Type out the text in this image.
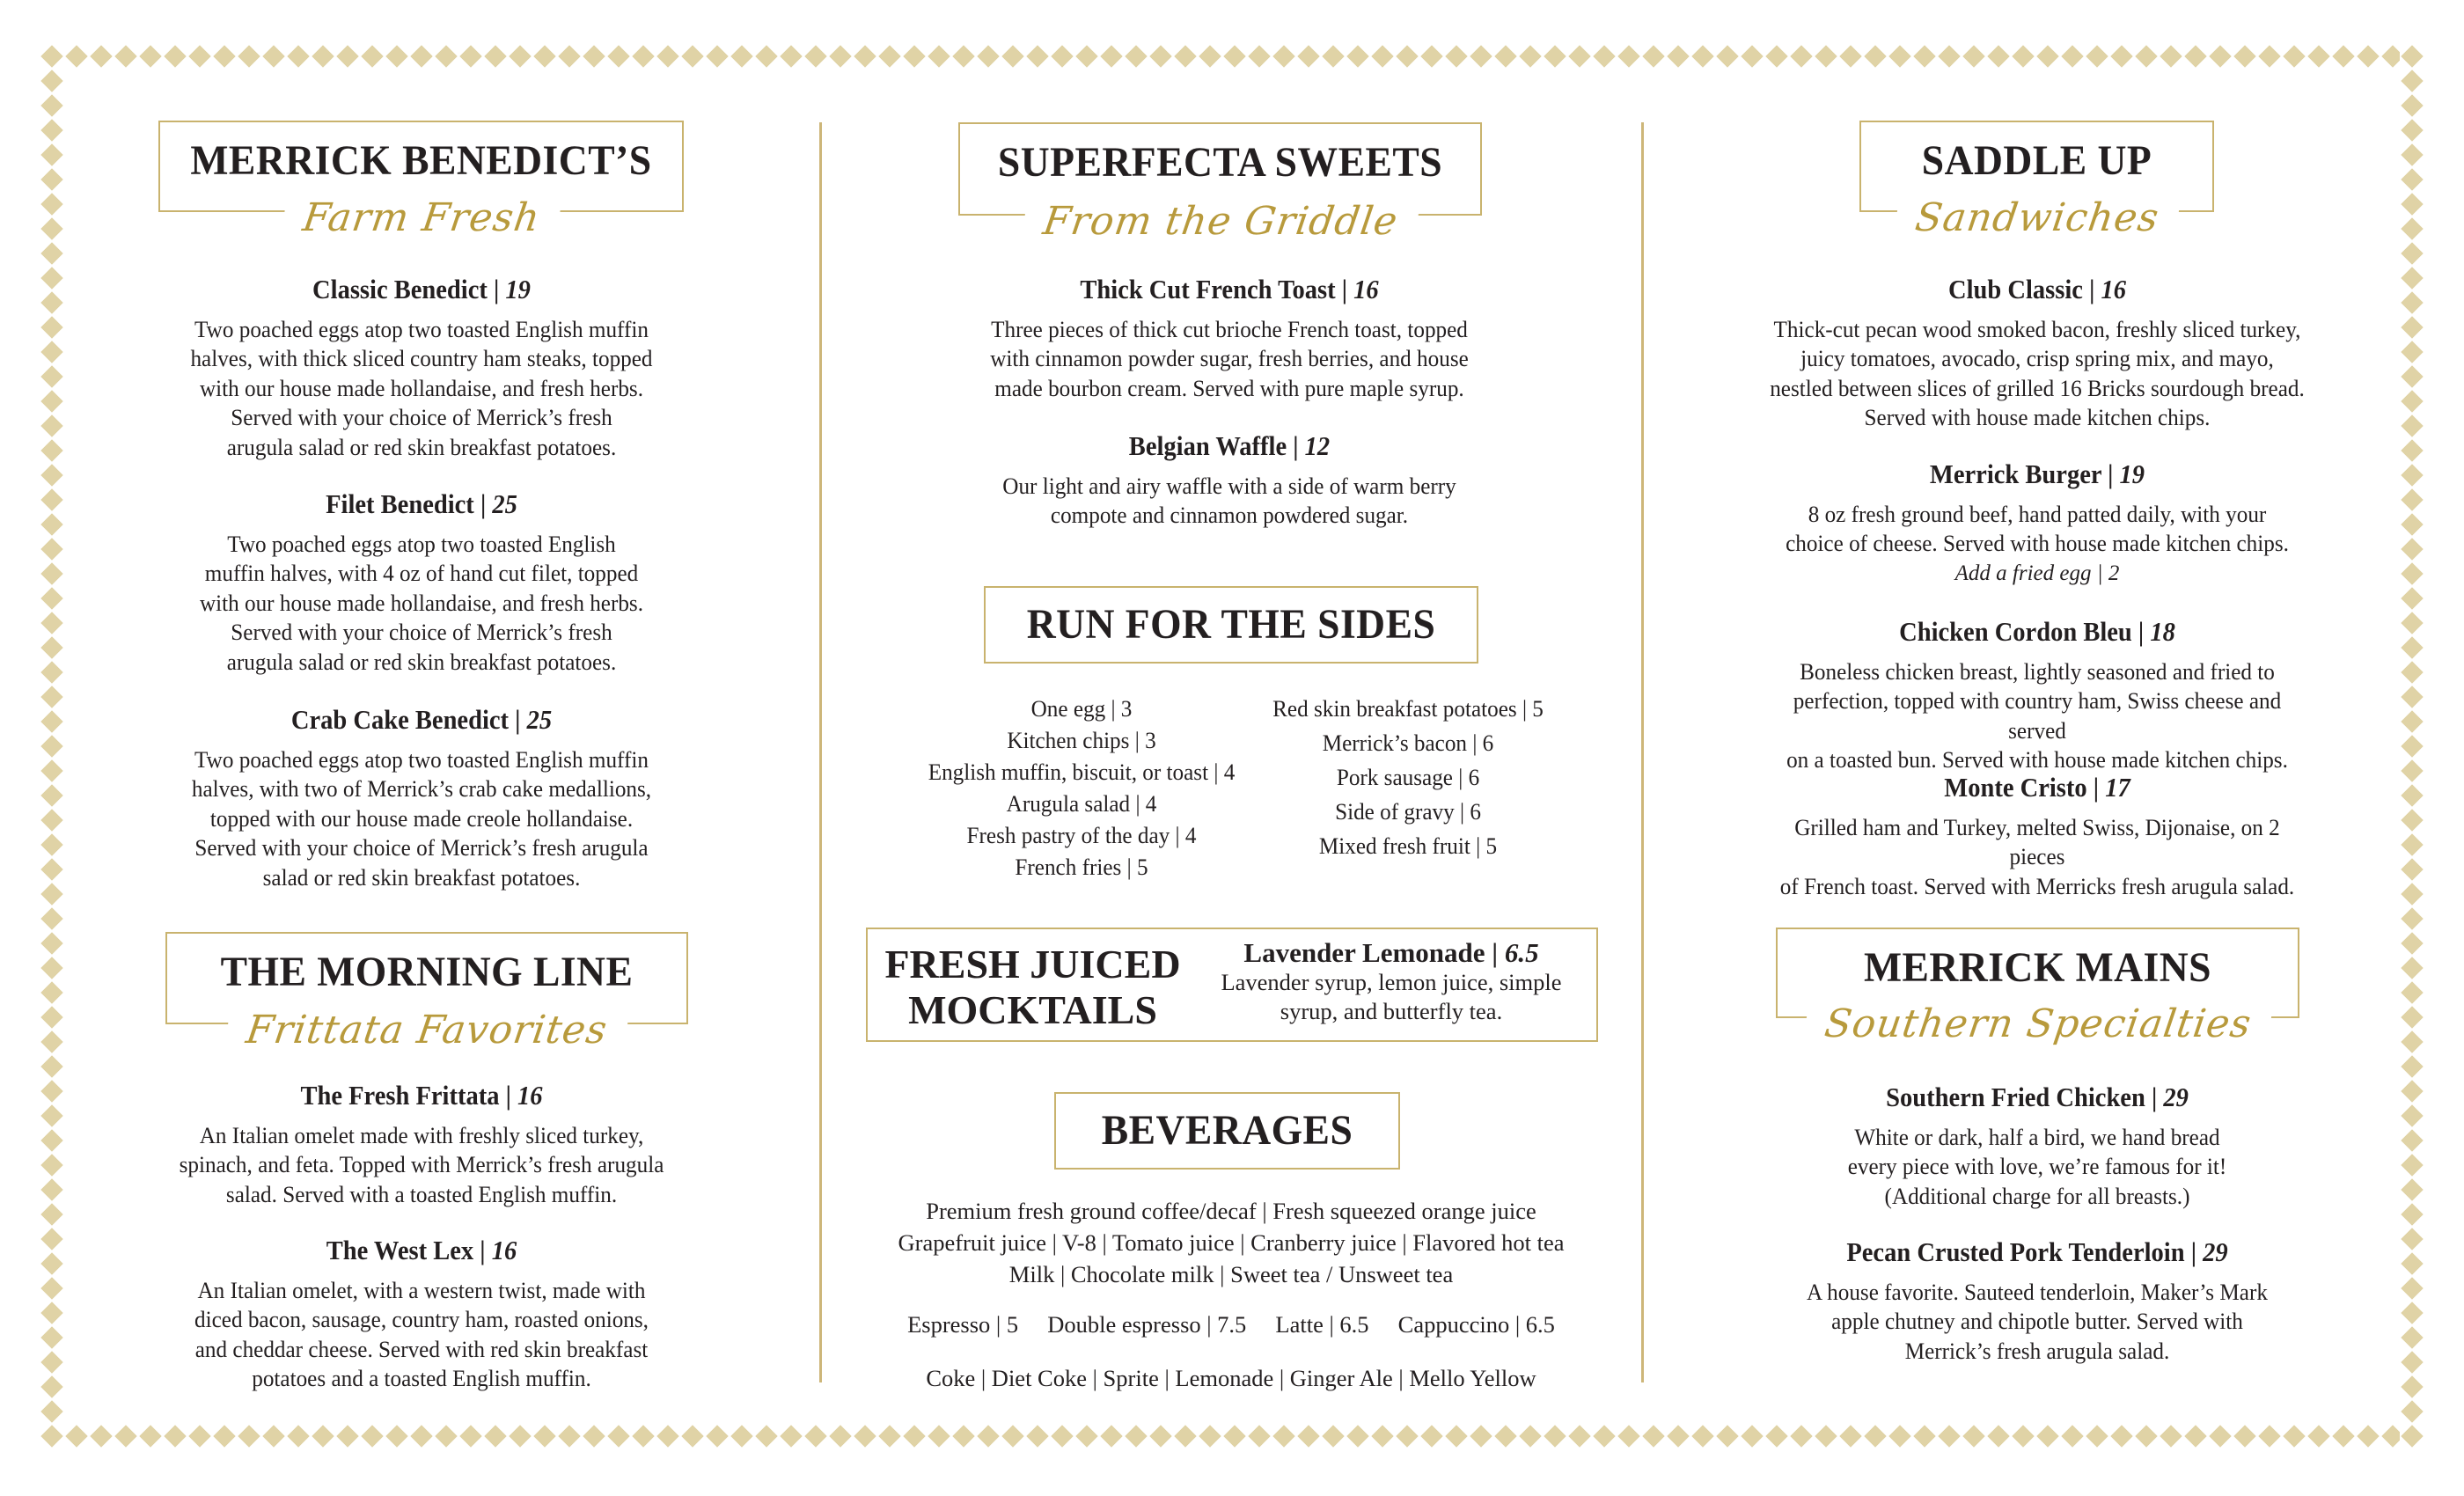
MERRICK BENEDICT’S
Farm Fresh
Classic Benedict | 19
Two poached eggs atop two toasted English muffin
halves, with thick sliced country ham steaks, topped
with our house made hollandaise, and fresh herbs.
Served with your choice of Merrick’s fresh
arugula salad or red skin breakfast potatoes.
Filet Benedict | 25
Two poached eggs atop two toasted English
muffin halves, with 4 oz of hand cut filet, topped
with our house made hollandaise, and fresh herbs.
Served with your choice of Merrick’s fresh
arugula salad or red skin breakfast potatoes.
Crab Cake Benedict | 25
Two poached eggs atop two toasted English muffin
halves, with two of Merrick’s crab cake medallions,
topped with our house made creole hollandaise.
Served with your choice of Merrick’s fresh arugula
salad or red skin breakfast potatoes.
THE MORNING LINE
Frittata Favorites
The Fresh Frittata | 16
An Italian omelet made with freshly sliced turkey,
spinach, and feta. Topped with Merrick’s fresh arugula
salad. Served with a toasted English muffin.
The West Lex | 16
An Italian omelet, with a western twist, made with
diced bacon, sausage, country ham, roasted onions,
and cheddar cheese. Served with red skin breakfast
potatoes and a toasted English muffin.
SUPERFECTA SWEETS
From the Griddle
Thick Cut French Toast | 16
Three pieces of thick cut brioche French toast, topped
with cinnamon powder sugar, fresh berries, and house
made bourbon cream. Served with pure maple syrup.
Belgian Waffle | 12
Our light and airy waffle with a side of warm berry
compote and cinnamon powdered sugar.
RUN FOR THE SIDES
One egg | 3
Kitchen chips | 3
English muffin, biscuit, or toast | 4
Arugula salad | 4
Fresh pastry of the day | 4
French fries | 5
Red skin breakfast potatoes | 5
Merrick’s bacon | 6
Pork sausage | 6
Side of gravy | 6
Mixed fresh fruit | 5
FRESH JUICED
MOCKTAILS
Lavender Lemonade | 6.5
Lavender syrup, lemon juice, simple
syrup, and butterfly tea.
BEVERAGES
Premium fresh ground coffee/decaf | Fresh squeezed orange juice
Grapefruit juice | V-8 | Tomato juice | Cranberry juice | Flavored hot tea
Milk | Chocolate milk | Sweet tea / Unsweet tea
Espresso | 5     Double espresso | 7.5     Latte | 6.5     Cappuccino | 6.5
Coke | Diet Coke | Sprite | Lemonade | Ginger Ale | Mello Yellow
SADDLE UP
Sandwiches
Club Classic | 16
Thick-cut pecan wood smoked bacon, freshly sliced turkey,
juicy tomatoes, avocado, crisp spring mix, and mayo,
nestled between slices of grilled 16 Bricks sourdough bread.
Served with house made kitchen chips.
Merrick Burger | 19
8 oz fresh ground beef, hand patted daily, with your
choice of cheese. Served with house made kitchen chips.
Add a fried egg | 2
Chicken Cordon Bleu | 18
Boneless chicken breast, lightly seasoned and fried to
perfection, topped with country ham, Swiss cheese and served
on a toasted bun. Served with house made kitchen chips.
Monte Cristo | 17
Grilled ham and Turkey, melted Swiss, Dijonaise, on 2 pieces
of French toast. Served with Merricks fresh arugula salad.
MERRICK MAINS
Southern Specialties
Southern Fried Chicken | 29
White or dark, half a bird, we hand bread
every piece with love, we’re famous for it!
(Additional charge for all breasts.)
Pecan Crusted Pork Tenderloin | 29
A house favorite. Sauteed tenderloin, Maker’s Mark
apple chutney and chipotle butter. Served with
Merrick’s fresh arugula salad.
